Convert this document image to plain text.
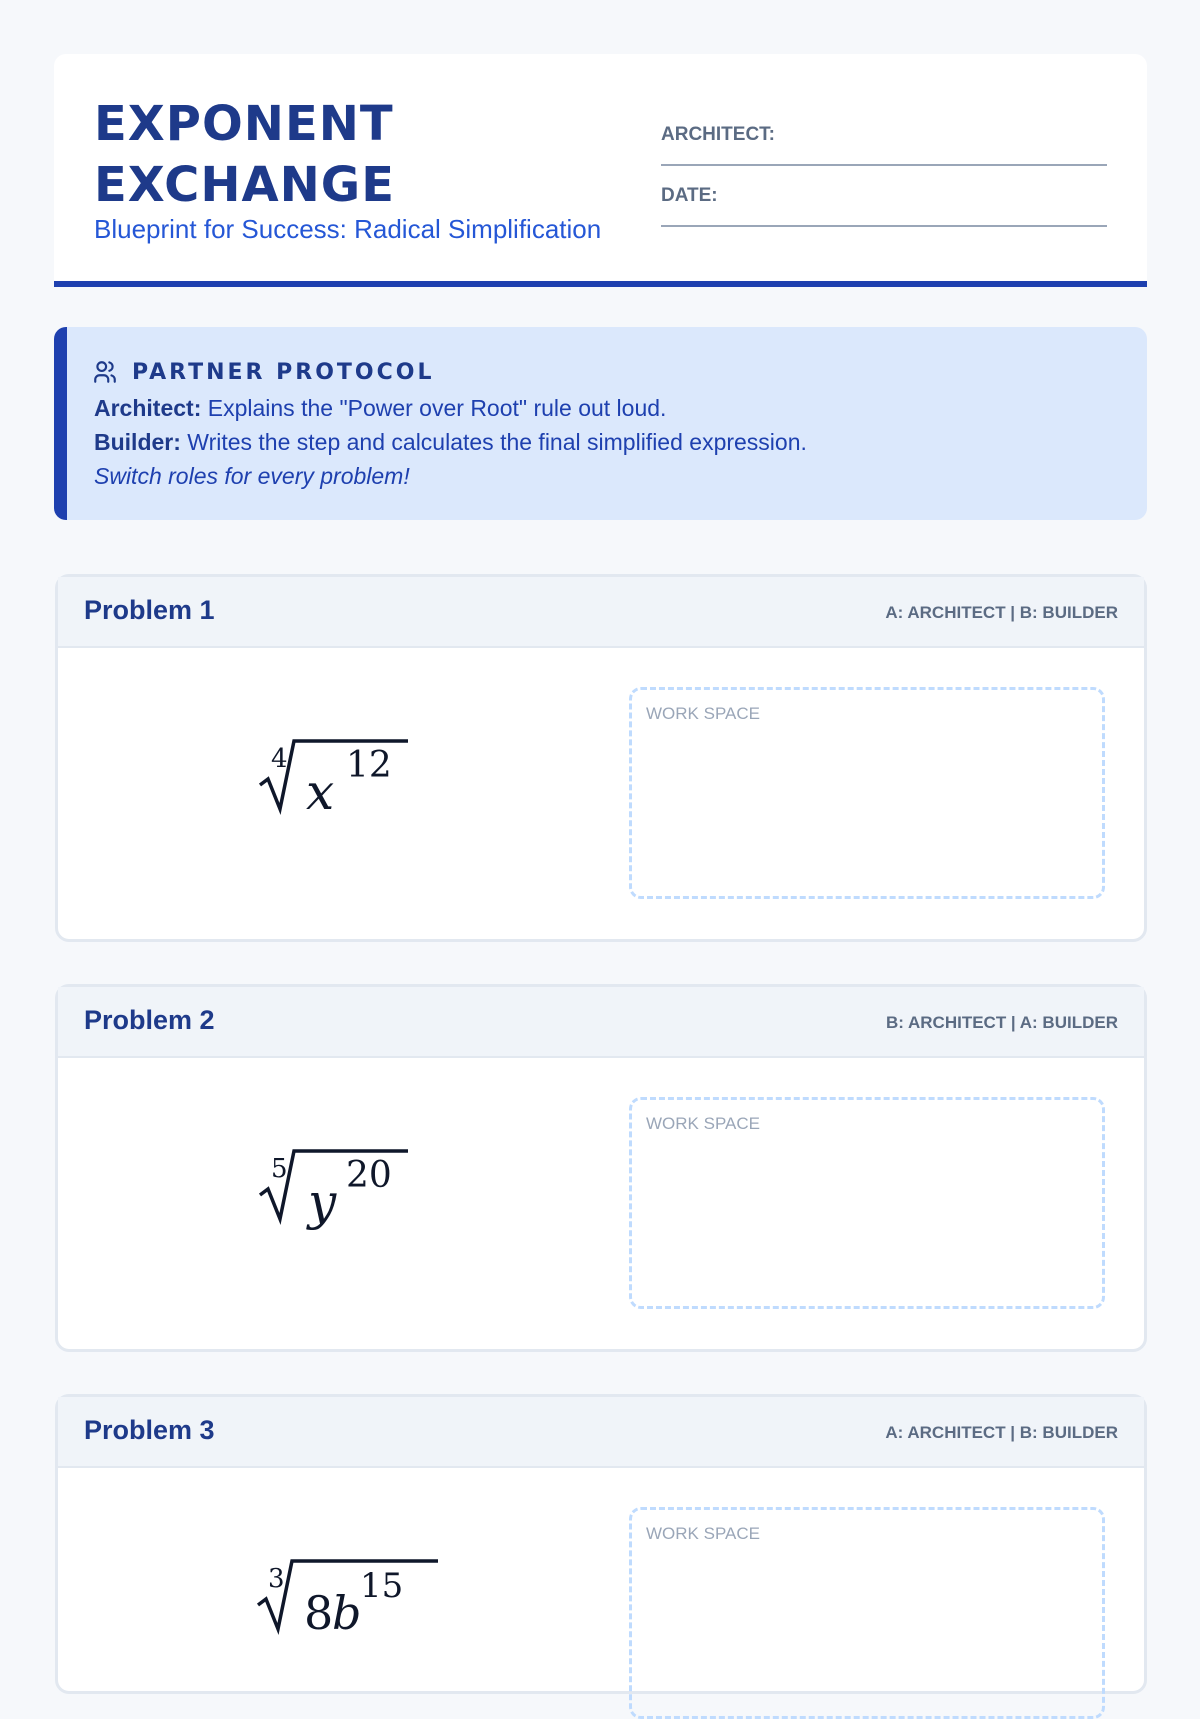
EXPONENT EXCHANGE
Blueprint for Success: Radical Simplification
ARCHITECT:
DATE:
PARTNER PROTOCOL
Architect: Explains the "Power over Root" rule out loud.
Builder: Writes the step and calculates the final simplified expression.
Switch roles for every problem!
Problem 1	A: ARCHITECT | B: BUILDER
4
x 12
WORK SPACE
Problem 2	B: ARCHITECT | A: BUILDER
5
y 20
WORK SPACE
Problem 3	A: ARCHITECT | B: BUILDER
3
8
b
15
WORK SPACE
